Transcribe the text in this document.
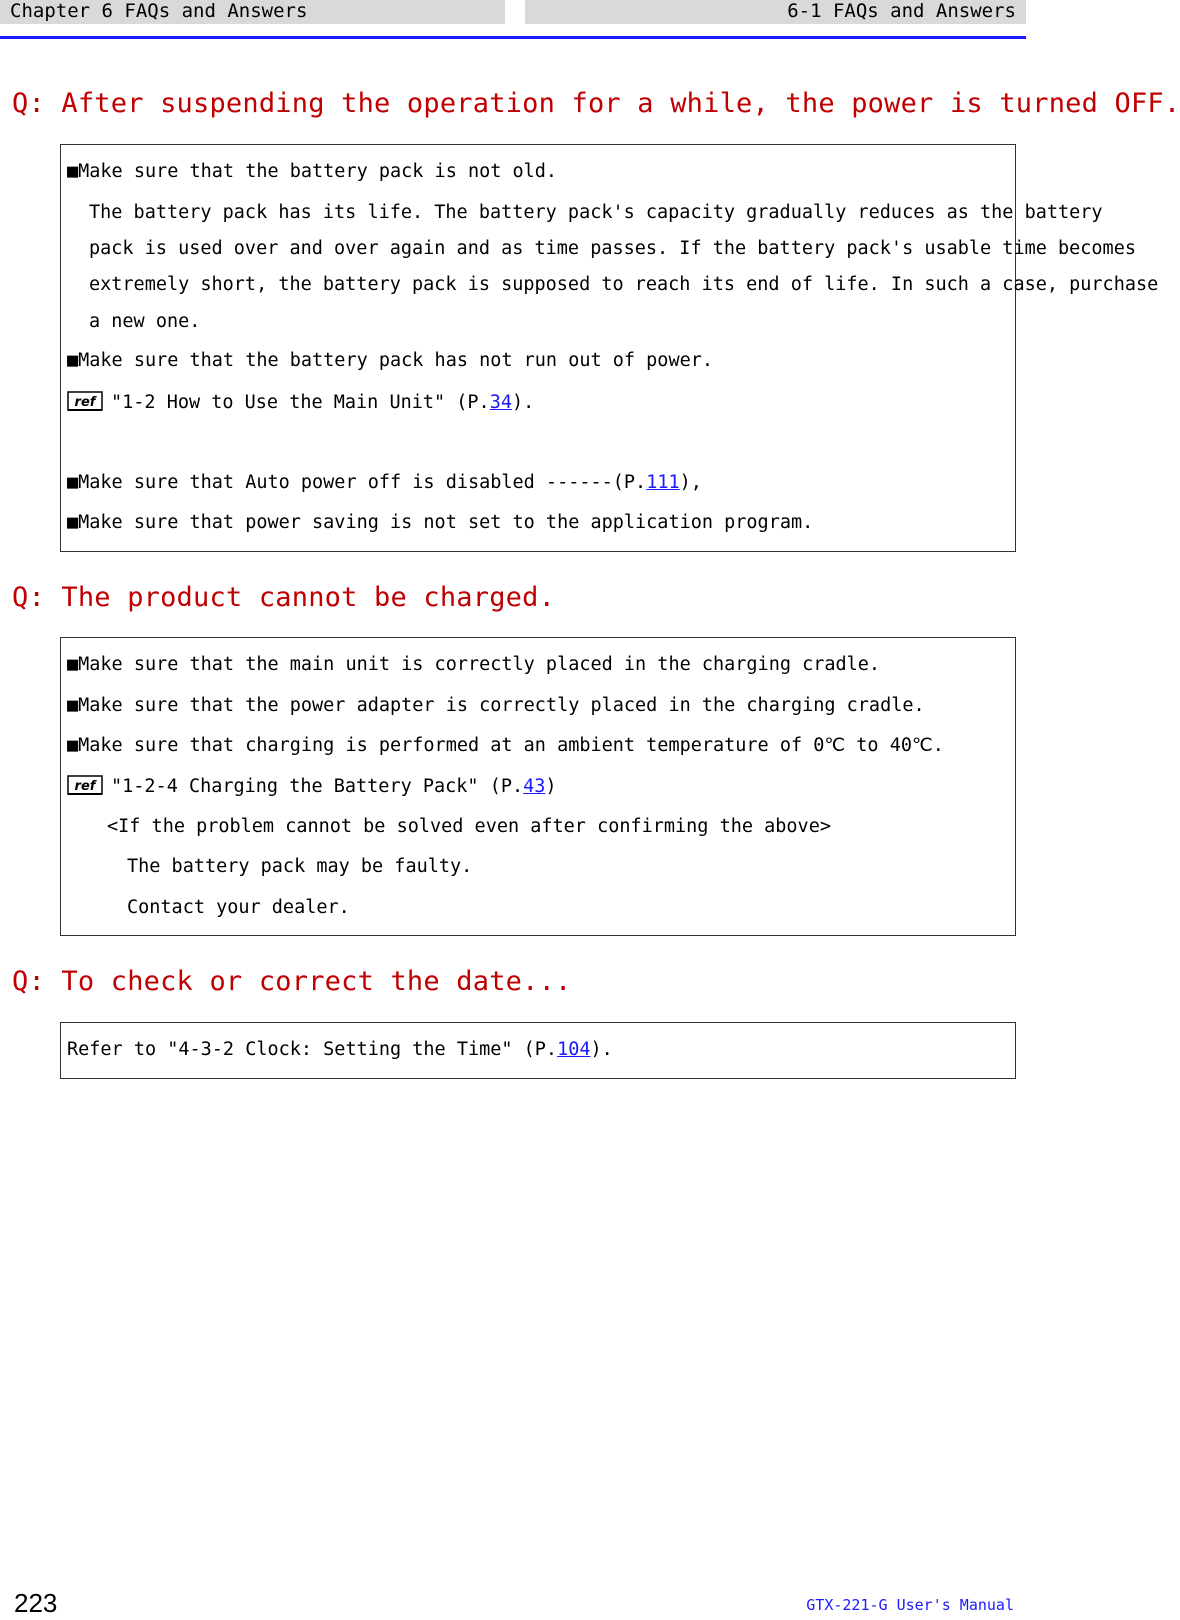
Chapter 6 FAQs and Answers	6-1 FAQs and Answers
Q: After suspending the operation for a while, the power is turned OFF.
■Make sure that the battery pack is not old.
The battery pack has its life. The battery pack's capacity gradually reduces as the battery
pack is used over and over again and as time passes. If the battery pack's usable time becomes
extremely short, the battery pack is supposed to reach its end of life. In such a case, purchase
a new one.
■Make sure that the battery pack has not run out of power.
ref "1-2 How to Use the Main Unit" (P.34).
■Make sure that Auto power off is disabled ------(P.111),
■Make sure that power saving is not set to the application program.
Q: The product cannot be charged.
■Make sure that the main unit is correctly placed in the charging cradle.
■Make sure that the power adapter is correctly placed in the charging cradle.
■Make sure that charging is performed at an ambient temperature of 0℃ to 40℃.
ref "1-2-4 Charging the Battery Pack" (P.43)
<If the problem cannot be solved even after confirming the above>
The battery pack may be faulty.
Contact your dealer.
Q: To check or correct the date...
Refer to "4-3-2 Clock: Setting the Time" (P.104).
223	GTX-221-G User's Manual
